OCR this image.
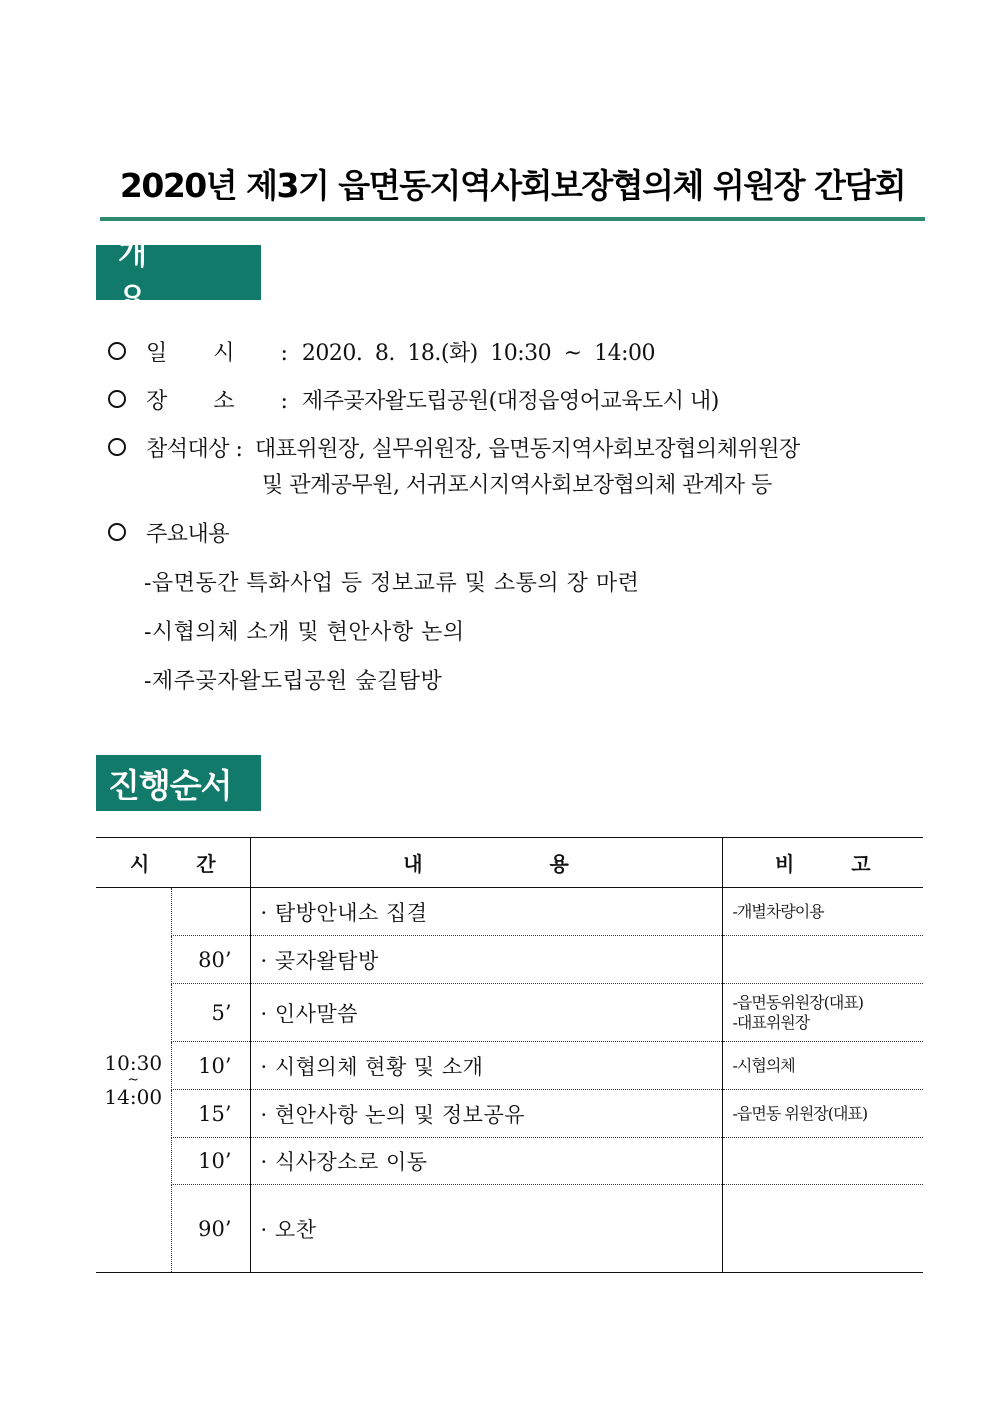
2020년 제3기 읍면동지역사회보장협의체 위원장 간담회
개 요
일 시 : 2020. 8. 18.(화) 10:30 ~ 14:00
장 소 : 제주곶자왈도립공원(대정읍영어교육도시 내)
참석대상 : 대표위원장, 실무위원장, 읍면동지역사회보장협의체위원장
및 관계공무원, 서귀포시지역사회보장협의체 관계자 등
주요내용
-읍면동간 특화사업 등 정보교류 및 소통의 장 마련
-시협의체 소개 및 현안사항 논의
-제주곶자왈도립공원 숲길탐방
진행순서
시 간		내 용	비 고

10:30
~
14:00		· 탐방안내소 집결	-개별차량이용

	80’	· 곶자왈탐방	

	5’	· 인사말씀	-읍면동위원장(대표)
-대표위원장

	10’	· 시협의체 현황 및 소개	-시협의체

	15’	· 현안사항 논의 및 정보공유	-읍면동 위원장(대표)

	10’	· 식사장소로 이동	

	90’	· 오찬	
